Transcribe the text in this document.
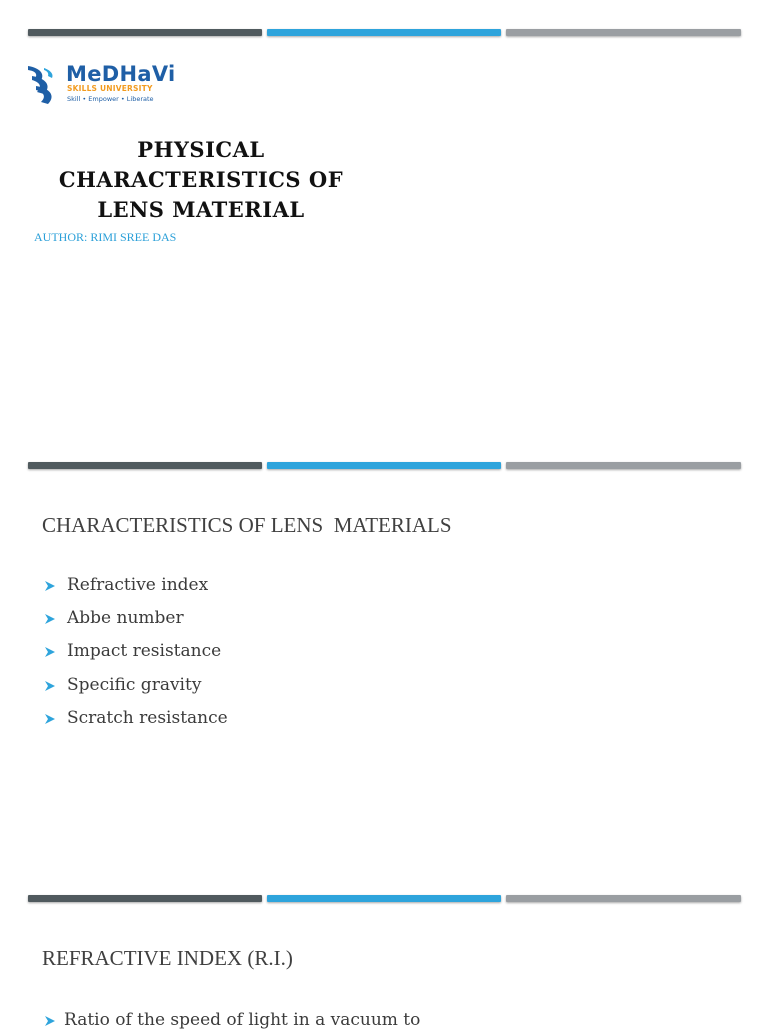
MeDHaVi
SKILLS UNIVERSITY
Skill • Empower • Liberate
PHYSICAL
CHARACTERISTICS OF
LENS MATERIAL
AUTHOR: RIMI SREE DAS
CHARACTERISTICS OF LENS  MATERIALS
Refractive index
Abbe number
Impact resistance
Specific gravity
Scratch resistance
REFRACTIVE INDEX (R.I.)
Ratio of the speed of light in a vacuum to
